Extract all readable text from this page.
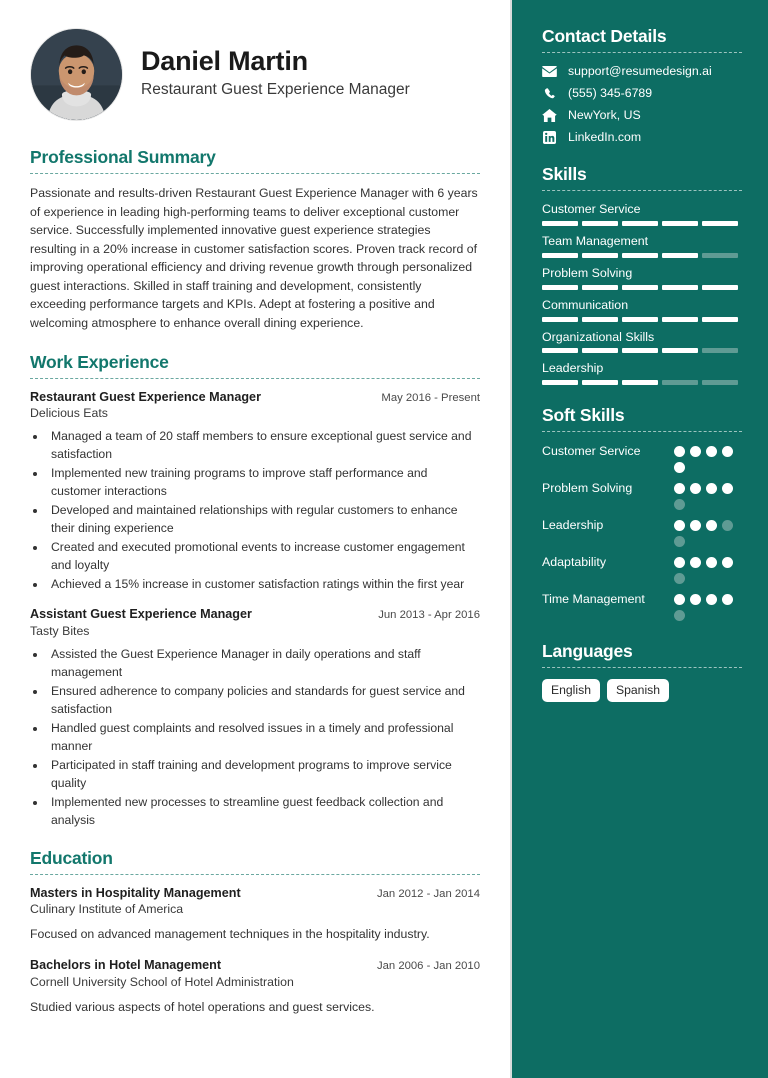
Daniel Martin
Restaurant Guest Experience Manager
Professional Summary
Passionate and results-driven Restaurant Guest Experience Manager with 6 years of experience in leading high-performing teams to deliver exceptional customer service. Successfully implemented innovative guest experience strategies resulting in a 20% increase in customer satisfaction scores. Proven track record of improving operational efficiency and driving revenue growth through personalized guest interactions. Skilled in staff training and development, consistently exceeding performance targets and KPIs. Adept at fostering a positive and welcoming atmosphere to enhance overall dining experience.
Work Experience
Restaurant Guest Experience Manager	May 2016 - Present
Delicious Eats
• Managed a team of 20 staff members to ensure exceptional guest service and satisfaction
• Implemented new training programs to improve staff performance and customer interactions
• Developed and maintained relationships with regular customers to enhance their dining experience
• Created and executed promotional events to increase customer engagement and loyalty
• Achieved a 15% increase in customer satisfaction ratings within the first year
Assistant Guest Experience Manager	Jun 2013 - Apr 2016
Tasty Bites
• Assisted the Guest Experience Manager in daily operations and staff management
• Ensured adherence to company policies and standards for guest service and satisfaction
• Handled guest complaints and resolved issues in a timely and professional manner
• Participated in staff training and development programs to improve service quality
• Implemented new processes to streamline guest feedback collection and analysis
Education
Masters in Hospitality Management	Jan 2012 - Jan 2014
Culinary Institute of America
Focused on advanced management techniques in the hospitality industry.
Bachelors in Hotel Management	Jan 2006 - Jan 2010
Cornell University School of Hotel Administration
Studied various aspects of hotel operations and guest services.
Contact Details
support@resumedesign.ai
(555) 345-6789
NewYork, US
LinkedIn.com
Skills
Customer Service
Team Management
Problem Solving
Communication
Organizational Skills
Leadership
Soft Skills
Customer Service
Problem Solving
Leadership
Adaptability
Time Management
Languages
English	Spanish
